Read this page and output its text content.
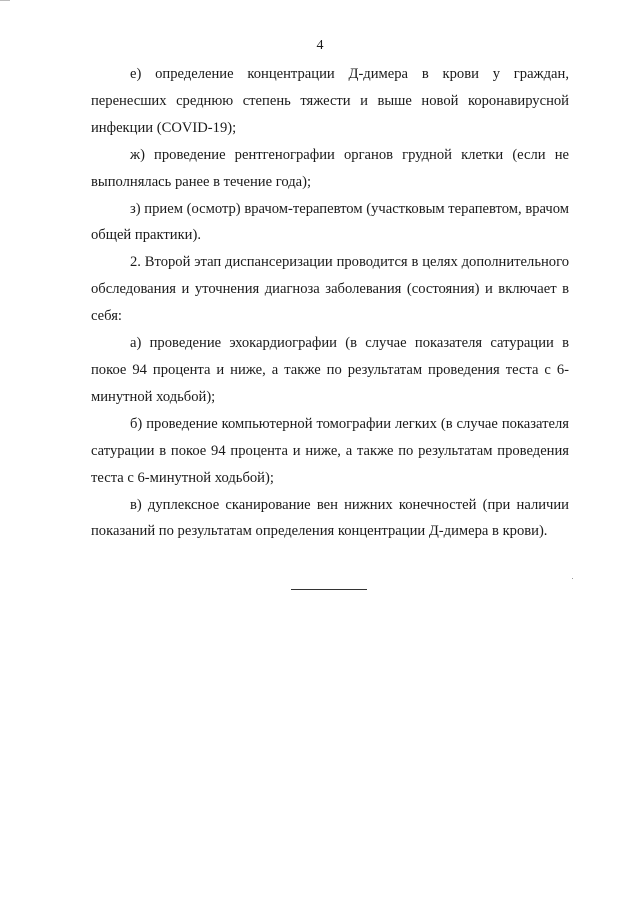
4

е) определение концентрации Д-димера в крови у граждан, перенесших среднюю степень тяжести и выше новой коронавирусной инфекции (COVID-19);

ж) проведение рентгенографии органов грудной клетки (если не выполнялась ранее в течение года);

з) прием (осмотр) врачом-терапевтом (участковым терапевтом, врачом общей практики).

2. Второй этап диспансеризации проводится в целях дополнительного обследования и уточнения диагноза заболевания (состояния) и включает в себя:

а) проведение эхокардиографии (в случае показателя сатурации в покое 94 процента и ниже, а также по результатам проведения теста с 6-минутной ходьбой);

б) проведение компьютерной томографии легких (в случае показателя сатурации в покое 94 процента и ниже, а также по результатам проведения теста с 6-минутной ходьбой);

в) дуплексное сканирование вен нижних конечностей (при наличии показаний по результатам определения концентрации Д-димера в крови).
